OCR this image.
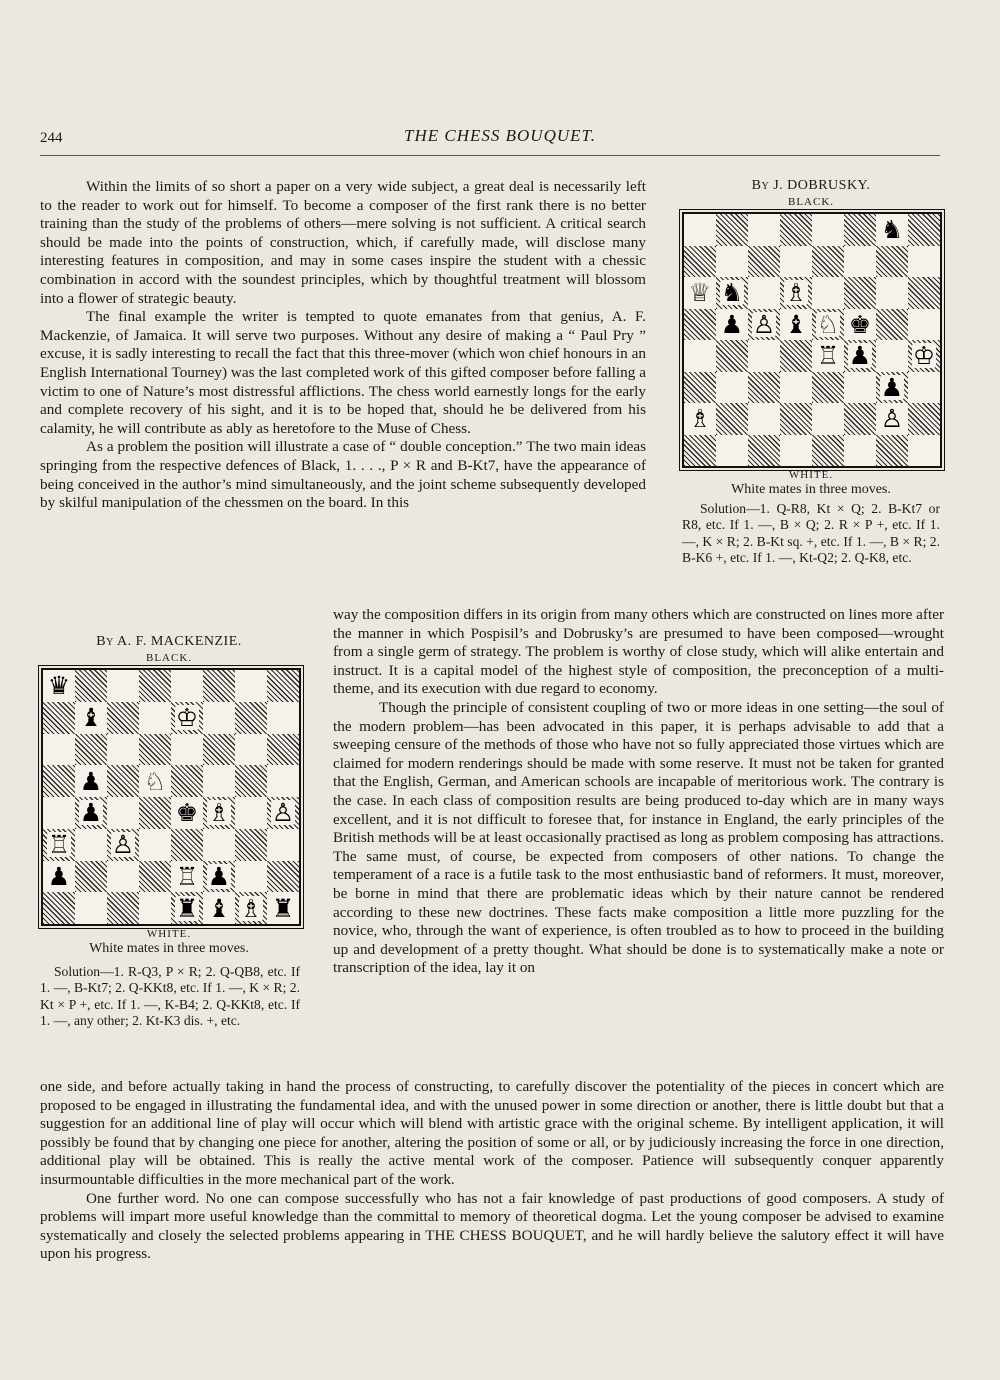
244	THE CHESS BOUQUET.

Within the limits of so short a paper on a very wide subject, a great deal is necessarily left to the reader to work out for himself. To become a composer of the first rank there is no better training than the study of the problems of others—mere solving is not sufficient. A critical search should be made into the points of construction, which, if carefully made, will disclose many interesting features in composition, and may in some cases inspire the student with a chessic combination in accord with the soundest principles, which by thoughtful treatment will blossom into a flower of strategic beauty.

The final example the writer is tempted to quote emanates from that genius, A. F. Mackenzie, of Jamaica. It will serve two purposes. Without any desire of making a “ Paul Pry ” excuse, it is sadly interesting to recall the fact that this three-mover (which won chief honours in an English International Tourney) was the last completed work of this gifted composer before falling a victim to one of Nature’s most distressful afflictions. The chess world earnestly longs for the early and complete recovery of his sight, and it is to be hoped that, should he be delivered from his calamity, he will contribute as ably as heretofore to the Muse of Chess.

As a problem the position will illustrate a case of “ double conception.” The two main ideas springing from the respective defences of Black, 1. . . ., P × R and B-Kt7, have the appearance of being conceived in the author’s mind simultaneously, and the joint scheme subsequently developed by skilful manipulation of the chessmen on the board. In this

By J. DOBRUSKY.
BLACK.
♞
♕ ♞ ♗
♟ ♙ ♝ ♘ ♚
♖ ♟ ♔
♟
♗	♙
WHITE.
White mates in three moves.

Solution—1. Q-R8, Kt × Q; 2. B-Kt7 or R8, etc. If 1. —, B × Q; 2. R × P +, etc. If 1. —, K × R; 2. B-Kt sq. +, etc. If 1. —, B × R; 2. B-K6 +, etc. If 1. —, Kt-Q2; 2. Q-K8, etc.

By A. F. MACKENZIE.
BLACK.
♛
♝	♔
♟ ♘
♟	♚ ♗ ♙
♖ ♙
♟	♖ ♟
♜ ♝ ♗ ♜
WHITE.
White mates in three moves.

Solution—1. R-Q3, P × R; 2. Q-QB8, etc. If 1. —, B-Kt7; 2. Q-KKt8, etc. If 1. —, K × R; 2. Kt × P +, etc. If 1. —, K-B4; 2. Q-KKt8, etc. If 1. —, any other; 2. Kt-K3 dis. +, etc.

way the composition differs in its origin from many others which are constructed on lines more after the manner in which Pospisil’s and Dobrusky’s are presumed to have been composed—wrought from a single germ of strategy. The problem is worthy of close study, which will alike entertain and instruct. It is a capital model of the highest style of composition, the preconception of a multi-theme, and its execution with due regard to economy.

Though the principle of consistent coupling of two or more ideas in one setting—the soul of the modern problem—has been advocated in this paper, it is perhaps advisable to add that a sweeping censure of the methods of those who have not so fully appreciated those virtues which are claimed for modern renderings should be made with some reserve. It must not be taken for granted that the English, German, and American schools are incapable of meritorious work. The contrary is the case. In each class of composition results are being produced to-day which are in many ways excellent, and it is not difficult to foresee that, for instance in England, the early principles of the British methods will be at least occasionally practised as long as problem composing has attractions. The same must, of course, be expected from composers of other nations. To change the temperament of a race is a futile task to the most enthusiastic band of reformers. It must, moreover, be borne in mind that there are problematic ideas which by their nature cannot be rendered according to these new doctrines. These facts make composition a little more puzzling for the novice, who, through the want of experience, is often troubled as to how to proceed in the building up and development of a pretty thought. What should be done is to systematically make a note or transcription of the idea, lay it on

one side, and before actually taking in hand the process of constructing, to carefully discover the potentiality of the pieces in concert which are proposed to be engaged in illustrating the fundamental idea, and with the unused power in some direction or another, there is little doubt but that a suggestion for an additional line of play will occur which will blend with artistic grace with the original scheme. By intelligent application, it will possibly be found that by changing one piece for another, altering the position of some or all, or by judiciously increasing the force in one direction, additional play will be obtained. This is really the active mental work of the composer. Patience will subsequently conquer apparently insurmountable difficulties in the more mechanical part of the work.

One further word. No one can compose successfully who has not a fair knowledge of past productions of good composers. A study of problems will impart more useful knowledge than the committal to memory of theoretical dogma. Let the young composer be advised to examine systematically and closely the selected problems appearing in THE CHESS BOUQUET, and he will hardly believe the salutory effect it will have upon his progress.
